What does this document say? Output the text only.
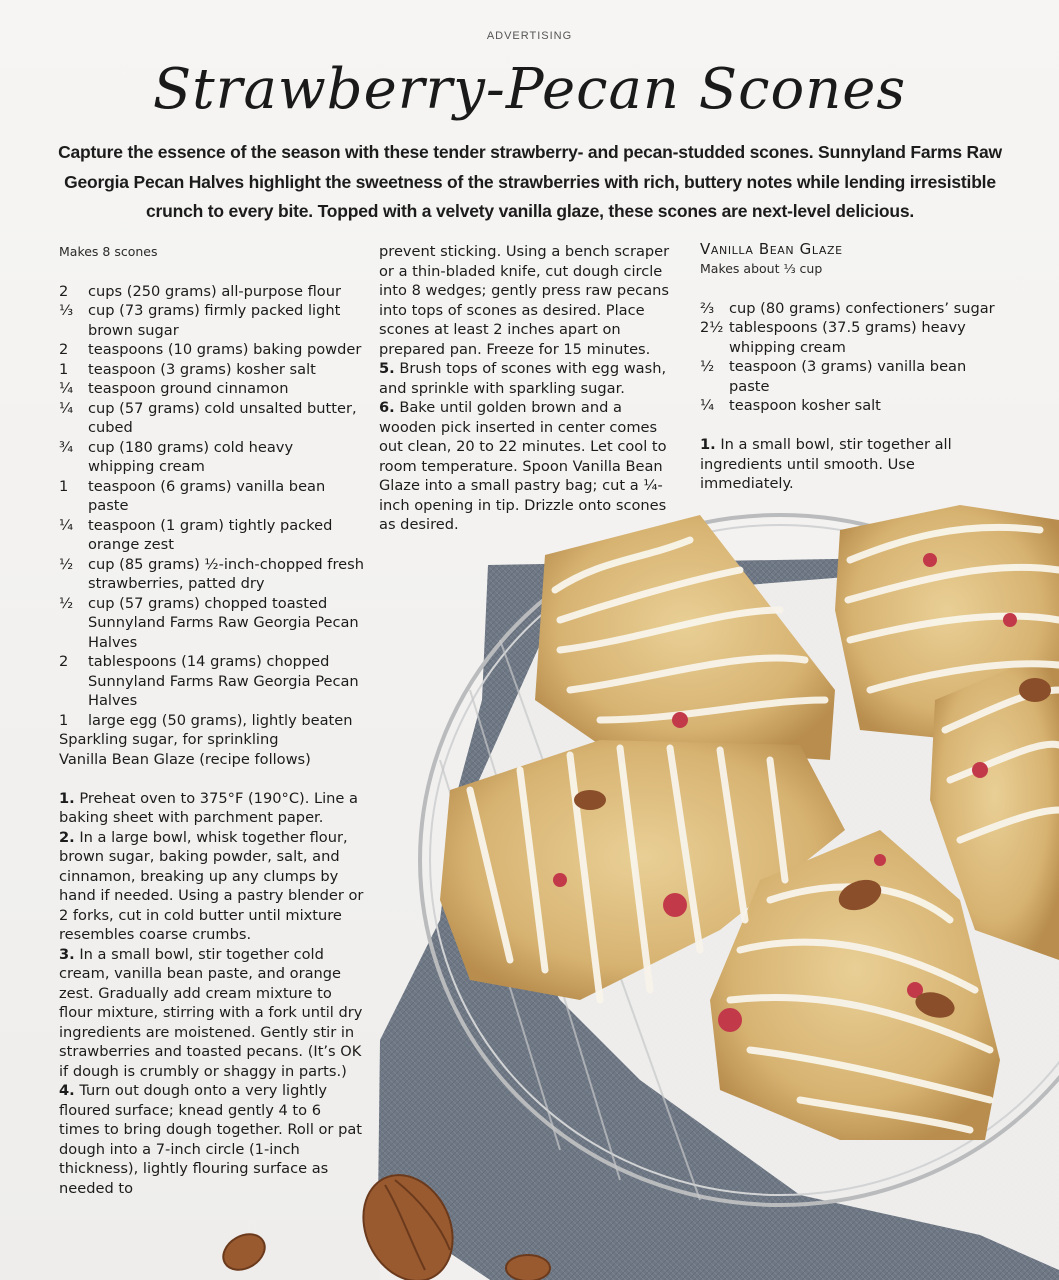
ADVERTISING
Strawberry-Pecan Scones
Capture the essence of the season with these tender strawberry- and pecan-studded scones. Sunnyland Farms Raw Georgia Pecan Halves highlight the sweetness of the strawberries with rich, buttery notes while lending irresistible crunch to every bite. Topped with a velvety vanilla glaze, these scones are next-level delicious.
Makes 8 scones
2	cups (250 grams) all-purpose flour
⅓	cup (73 grams) firmly packed light brown sugar
2	teaspoons (10 grams) baking powder
1	teaspoon (3 grams) kosher salt
¼	teaspoon ground cinnamon
¼	cup (57 grams) cold unsalted butter, cubed
¾	cup (180 grams) cold heavy whipping cream
1	teaspoon (6 grams) vanilla bean paste
¼	teaspoon (1 gram) tightly packed orange zest
½	cup (85 grams) ½-inch-chopped fresh strawberries, patted dry
½	cup (57 grams) chopped toasted Sunnyland Farms Raw Georgia Pecan Halves
2	tablespoons (14 grams) chopped Sunnyland Farms Raw Georgia Pecan Halves
1	large egg (50 grams), lightly beaten
Sparkling sugar, for sprinkling
Vanilla Bean Glaze (recipe follows)

1. Preheat oven to 375°F (190°C). Line a baking sheet with parchment paper.

2. In a large bowl, whisk together flour, brown sugar, baking powder, salt, and cinnamon, breaking up any clumps by hand if needed. Using a pastry blender or 2 forks, cut in cold butter until mixture resembles coarse crumbs.

3. In a small bowl, stir together cold cream, vanilla bean paste, and orange zest. Gradually add cream mixture to flour mixture, stirring with a fork until dry ingredients are moistened. Gently stir in strawberries and toasted pecans. (It’s OK if dough is crumbly or shaggy in parts.)

4. Turn out dough onto a very lightly floured surface; knead gently 4 to 6 times to bring dough together. Roll or pat dough into a 7-inch circle (1-inch thickness), lightly flouring surface as needed to

prevent sticking. Using a bench scraper or a thin-bladed knife, cut dough circle into 8 wedges; gently press raw pecans into tops of scones as desired. Place scones at least 2 inches apart on prepared pan. Freeze for 15 minutes.

5. Brush tops of scones with egg wash, and sprinkle with sparkling sugar.

6. Bake until golden brown and a wooden pick inserted in center comes out clean, 20 to 22 minutes. Let cool to room temperature. Spoon Vanilla Bean Glaze into a small pastry bag; cut a ¼-inch opening in tip. Drizzle onto scones as desired.

Vanilla Bean Glaze
Makes about ⅓ cup
⅔	cup (80 grams) confectioners’ sugar
2½ tablespoons (37.5 grams) heavy whipping cream
½	teaspoon (3 grams) vanilla bean paste
¼	teaspoon kosher salt

1. In a small bowl, stir together all ingredients until smooth. Use immediately.
